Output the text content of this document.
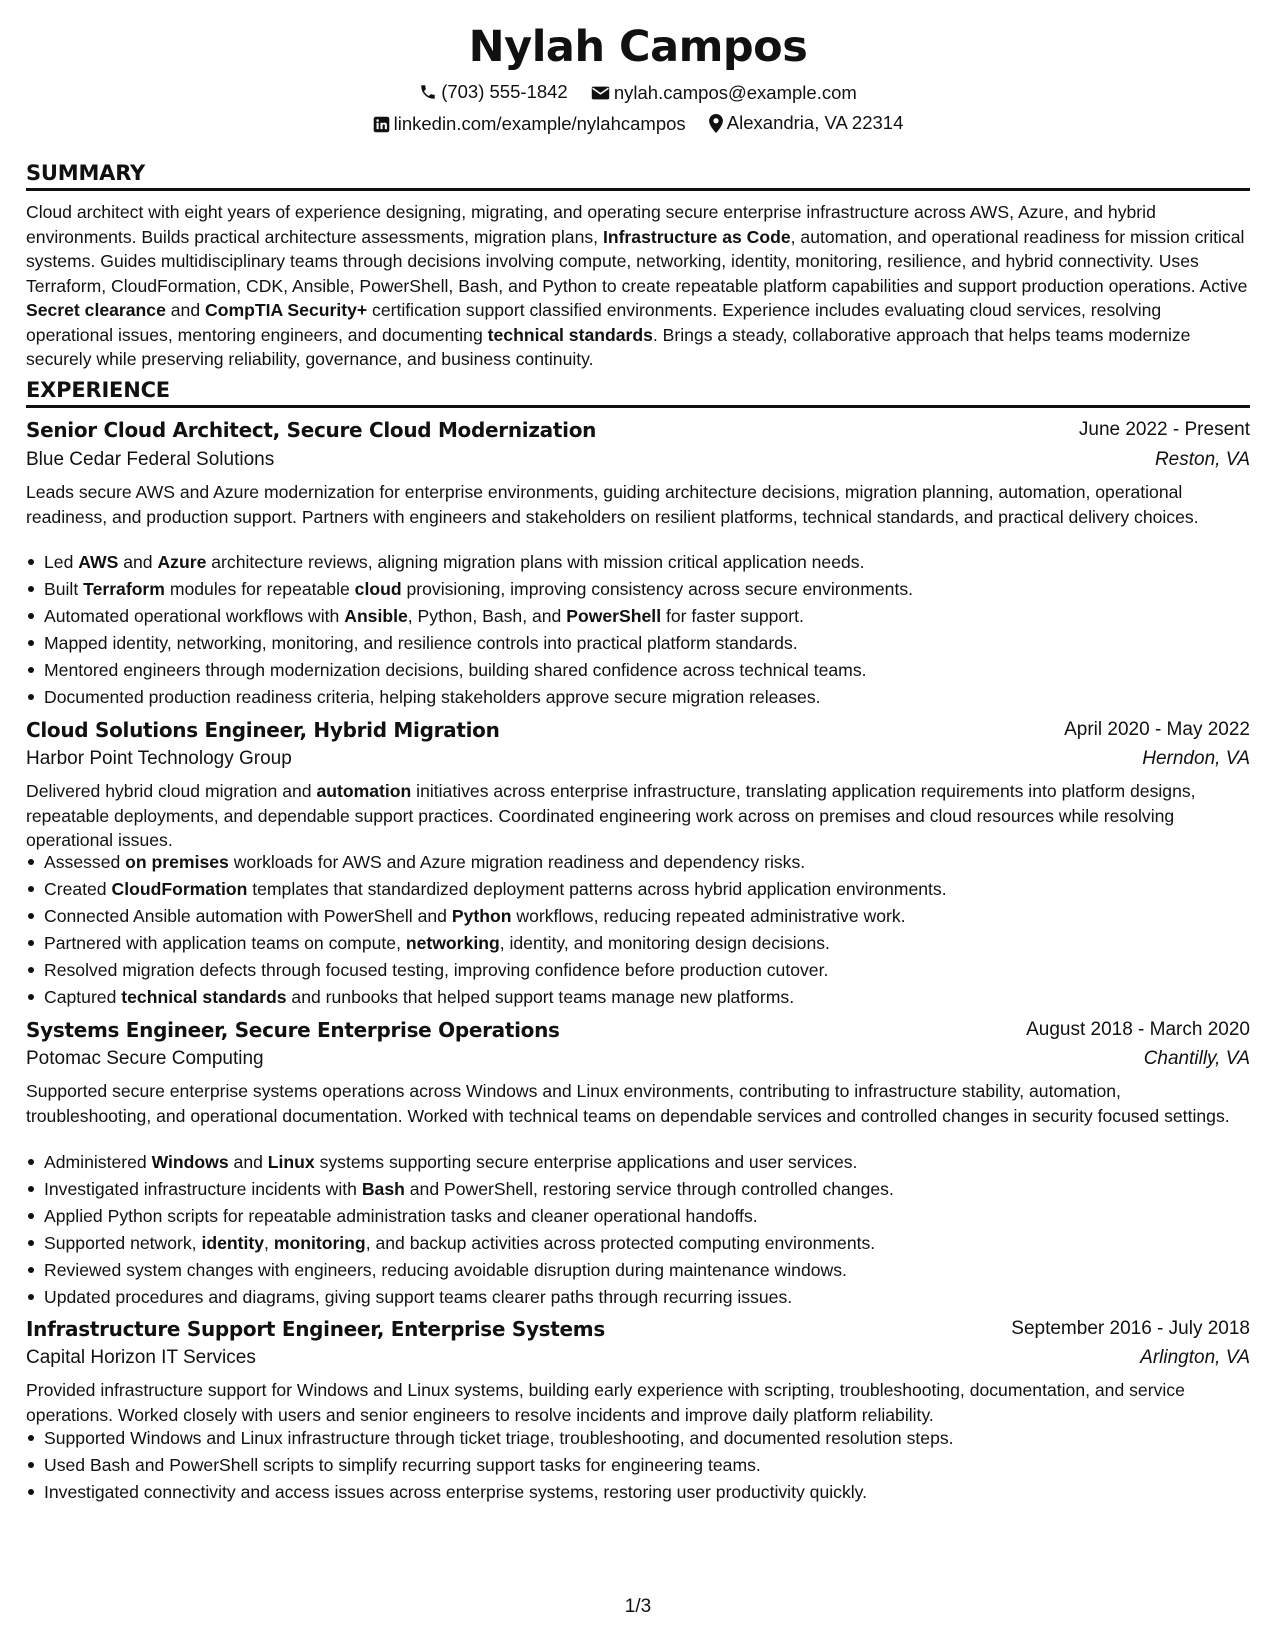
Nylah Campos
(703) 555-1842
nylah.campos@example.com
linkedin.com/example/nylahcampos
Alexandria, VA 22314
SUMMARY
Cloud architect with eight years of experience designing, migrating, and operating secure enterprise infrastructure across AWS, Azure, and hybrid environments. Builds practical architecture assessments, migration plans, Infrastructure as Code, automation, and operational readiness for mission critical systems. Guides multidisciplinary teams through decisions involving compute, networking, identity, monitoring, resilience, and hybrid connectivity. Uses Terraform, CloudFormation, CDK, Ansible, PowerShell, Bash, and Python to create repeatable platform capabilities and support production operations. Active Secret clearance and CompTIA Security+ certification support classified environments. Experience includes evaluating cloud services, resolving operational issues, mentoring engineers, and documenting technical standards. Brings a steady, collaborative approach that helps teams modernize securely while preserving reliability, governance, and business continuity.
EXPERIENCE
Senior Cloud Architect, Secure Cloud Modernization	June 2022 - Present
Blue Cedar Federal Solutions	Reston, VA
Leads secure AWS and Azure modernization for enterprise environments, guiding architecture decisions, migration planning, automation, operational readiness, and production support. Partners with engineers and stakeholders on resilient platforms, technical standards, and practical delivery choices.
Led AWS and Azure architecture reviews, aligning migration plans with mission critical application needs.
Built Terraform modules for repeatable cloud provisioning, improving consistency across secure environments.
Automated operational workflows with Ansible, Python, Bash, and PowerShell for faster support.
Mapped identity, networking, monitoring, and resilience controls into practical platform standards.
Mentored engineers through modernization decisions, building shared confidence across technical teams.
Documented production readiness criteria, helping stakeholders approve secure migration releases.
Cloud Solutions Engineer, Hybrid Migration	April 2020 - May 2022
Harbor Point Technology Group	Herndon, VA
Delivered hybrid cloud migration and automation initiatives across enterprise infrastructure, translating application requirements into platform designs, repeatable deployments, and dependable support practices. Coordinated engineering work across on premises and cloud resources while resolving operational issues.
Assessed on premises workloads for AWS and Azure migration readiness and dependency risks.
Created CloudFormation templates that standardized deployment patterns across hybrid application environments.
Connected Ansible automation with PowerShell and Python workflows, reducing repeated administrative work.
Partnered with application teams on compute, networking, identity, and monitoring design decisions.
Resolved migration defects through focused testing, improving confidence before production cutover.
Captured technical standards and runbooks that helped support teams manage new platforms.
Systems Engineer, Secure Enterprise Operations	August 2018 - March 2020
Potomac Secure Computing	Chantilly, VA
Supported secure enterprise systems operations across Windows and Linux environments, contributing to infrastructure stability, automation, troubleshooting, and operational documentation. Worked with technical teams on dependable services and controlled changes in security focused settings.
Administered Windows and Linux systems supporting secure enterprise applications and user services.
Investigated infrastructure incidents with Bash and PowerShell, restoring service through controlled changes.
Applied Python scripts for repeatable administration tasks and cleaner operational handoffs.
Supported network, identity, monitoring, and backup activities across protected computing environments.
Reviewed system changes with engineers, reducing avoidable disruption during maintenance windows.
Updated procedures and diagrams, giving support teams clearer paths through recurring issues.
Infrastructure Support Engineer, Enterprise Systems	September 2016 - July 2018
Capital Horizon IT Services	Arlington, VA
Provided infrastructure support for Windows and Linux systems, building early experience with scripting, troubleshooting, documentation, and service operations. Worked closely with users and senior engineers to resolve incidents and improve daily platform reliability.
Supported Windows and Linux infrastructure through ticket triage, troubleshooting, and documented resolution steps.
Used Bash and PowerShell scripts to simplify recurring support tasks for engineering teams.
Investigated connectivity and access issues across enterprise systems, restoring user productivity quickly.
1/3
